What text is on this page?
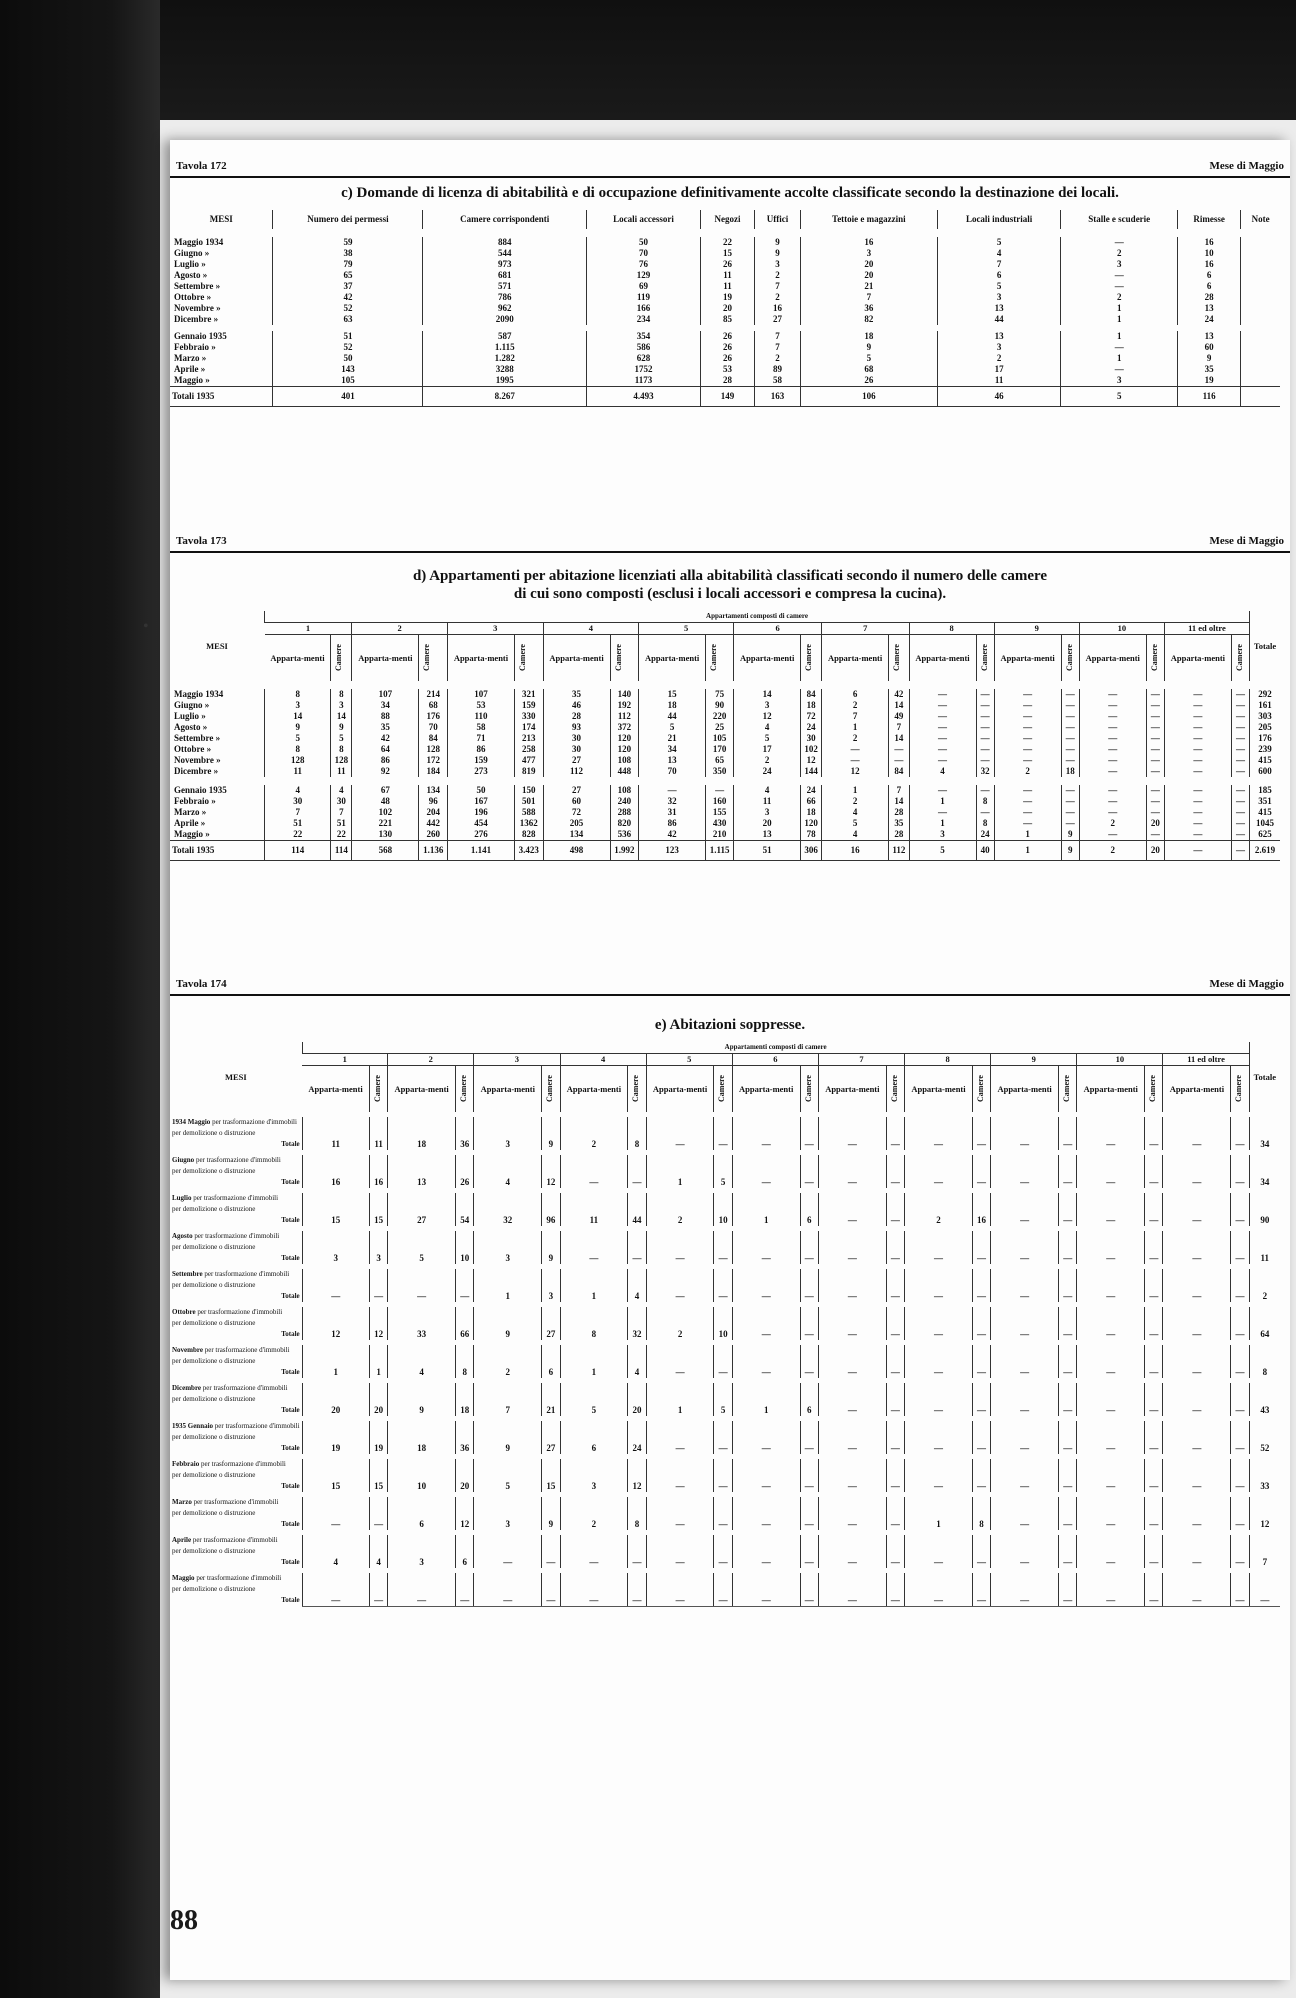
•
Tavola 172	Mese di Maggio
c) Domande di licenza di abitabilità e di occupazione definitivamente accolte classificate secondo la destinazione dei locali.
MESI	Numero dei permessi	Camere corrispondenti	Locali accessori	Negozi	Uffici	Tettoie e magazzini	Locali industriali	Stalle e scuderie	Rimesse	Note
Maggio 1934	59	884	50	22	9	16	5	—	16	
Giugno »	38	544	70	15	9	3	4	2	10	
Luglio »	79	973	76	26	3	20	7	3	16	
Agosto »	65	681	129	11	2	20	6	—	6	
Settembre »	37	571	69	11	7	21	5	—	6	
Ottobre »	42	786	119	19	2	7	3	2	28	
Novembre »	52	962	166	20	16	36	13	1	13	
Dicembre »	63	2090	234	85	27	82	44	1	24	
Gennaio 1935	51	587	354	26	7	18	13	1	13	
Febbraio »	52	1.115	586	26	7	9	3	—	60	
Marzo »	50	1.282	628	26	2	5	2	1	9	
Aprile »	143	3288	1752	53	89	68	17	—	35	
Maggio »	105	1995	1173	28	58	26	11	3	19	
Totali 1935	401	8.267	4.493	149	163	106	46	5	116	
Tavola 173	Mese di Maggio
d) Appartamenti per abitazione licenziati alla abitabilità classificati secondo il numero delle camere
di cui sono composti (esclusi i locali accessori e compresa la cucina).
MESI	Appartamenti composti di camere																						Totale
	1		2		3		4		5		6		7		8		9		10		11 ed oltre		
	Apparta-menti	Camere	Apparta-menti	Camere	Apparta-menti	Camere	Apparta-menti	Camere	Apparta-menti	Camere	Apparta-menti	Camere	Apparta-menti	Camere	Apparta-menti	Camere	Apparta-menti	Camere	Apparta-menti	Camere	Apparta-menti	Camere	

Maggio 1934	8	8	107	214	107	321	35	140	15	75	14	84	6	42	—	—	—	—	—	—	—	—	292
Giugno »	3	3	34	68	53	159	46	192	18	90	3	18	2	14	—	—	—	—	—	—	—	—	161
Luglio »	14	14	88	176	110	330	28	112	44	220	12	72	7	49	—	—	—	—	—	—	—	—	303
Agosto »	9	9	35	70	58	174	93	372	5	25	4	24	1	7	—	—	—	—	—	—	—	—	205
Settembre »	5	5	42	84	71	213	30	120	21	105	5	30	2	14	—	—	—	—	—	—	—	—	176
Ottobre »	8	8	64	128	86	258	30	120	34	170	17	102	—	—	—	—	—	—	—	—	—	—	239
Novembre »	128	128	86	172	159	477	27	108	13	65	2	12	—	—	—	—	—	—	—	—	—	—	415
Dicembre »	11	11	92	184	273	819	112	448	70	350	24	144	12	84	4	32	2	18	—	—	—	—	600
Gennaio 1935	4	4	67	134	50	150	27	108	—	—	4	24	1	7	—	—	—	—	—	—	—	—	185
Febbraio »	30	30	48	96	167	501	60	240	32	160	11	66	2	14	1	8	—	—	—	—	—	—	351
Marzo »	7	7	102	204	196	588	72	288	31	155	3	18	4	28	—	—	—	—	—	—	—	—	415
Aprile »	51	51	221	442	454	1362	205	820	86	430	20	120	5	35	1	8	—	—	2	20	—	—	1045
Maggio »	22	22	130	260	276	828	134	536	42	210	13	78	4	28	3	24	1	9	—	—	—	—	625
Totali 1935	114	114	568	1.136	1.141	3.423	498	1.992	123	1.115	51	306	16	112	5	40	1	9	2	20	—	—	2.619
Tavola 174	Mese di Maggio
e) Abitazioni soppresse.
MESI	Appartamenti composti di camere																						Totale
	1		2		3		4		5		6		7		8		9		10		11 ed oltre		
	Apparta-menti	Camere	Apparta-menti	Camere	Apparta-menti	Camere	Apparta-menti	Camere	Apparta-menti	Camere	Apparta-menti	Camere	Apparta-menti	Camere	Apparta-menti	Camere	Apparta-menti	Camere	Apparta-menti	Camere	Apparta-menti	Camere	

1934 Maggio per trasformazione d'immobili																							
per demolizione o distruzione																							
Totale	11	11	18	36	3	9	2	8	—	—	—	—	—	—	—	—	—	—	—	—	—	—	34
Giugno per trasformazione d'immobili																							
per demolizione o distruzione																							
Totale	16	16	13	26	4	12	—	—	1	5	—	—	—	—	—	—	—	—	—	—	—	—	34
Luglio per trasformazione d'immobili																							
per demolizione o distruzione																							
Totale	15	15	27	54	32	96	11	44	2	10	1	6	—	—	2	16	—	—	—	—	—	—	90
Agosto per trasformazione d'immobili																							
per demolizione o distruzione																							
Totale	3	3	5	10	3	9	—	—	—	—	—	—	—	—	—	—	—	—	—	—	—	—	11
Settembre per trasformazione d'immobili																							
per demolizione o distruzione																							
Totale	—	—	—	—	1	3	1	4	—	—	—	—	—	—	—	—	—	—	—	—	—	—	2
Ottobre per trasformazione d'immobili																							
per demolizione o distruzione																							
Totale	12	12	33	66	9	27	8	32	2	10	—	—	—	—	—	—	—	—	—	—	—	—	64
Novembre per trasformazione d'immobili																							
per demolizione o distruzione																							
Totale	1	1	4	8	2	6	1	4	—	—	—	—	—	—	—	—	—	—	—	—	—	—	8
Dicembre per trasformazione d'immobili																							
per demolizione o distruzione																							
Totale	20	20	9	18	7	21	5	20	1	5	1	6	—	—	—	—	—	—	—	—	—	—	43
1935 Gennaio per trasformazione d'immobili																							
per demolizione o distruzione																							
Totale	19	19	18	36	9	27	6	24	—	—	—	—	—	—	—	—	—	—	—	—	—	—	52
Febbraio per trasformazione d'immobili																							
per demolizione o distruzione																							
Totale	15	15	10	20	5	15	3	12	—	—	—	—	—	—	—	—	—	—	—	—	—	—	33
Marzo per trasformazione d'immobili																							
per demolizione o distruzione																							
Totale	—	—	6	12	3	9	2	8	—	—	—	—	—	—	1	8	—	—	—	—	—	—	12
Aprile per trasformazione d'immobili																							
per demolizione o distruzione																							
Totale	4	4	3	6	—	—	—	—	—	—	—	—	—	—	—	—	—	—	—	—	—	—	7
Maggio per trasformazione d'immobili																							
per demolizione o distruzione																							
Totale	—	—	—	—	—	—	—	—	—	—	—	—	—	—	—	—	—	—	—	—	—	—	—
88
